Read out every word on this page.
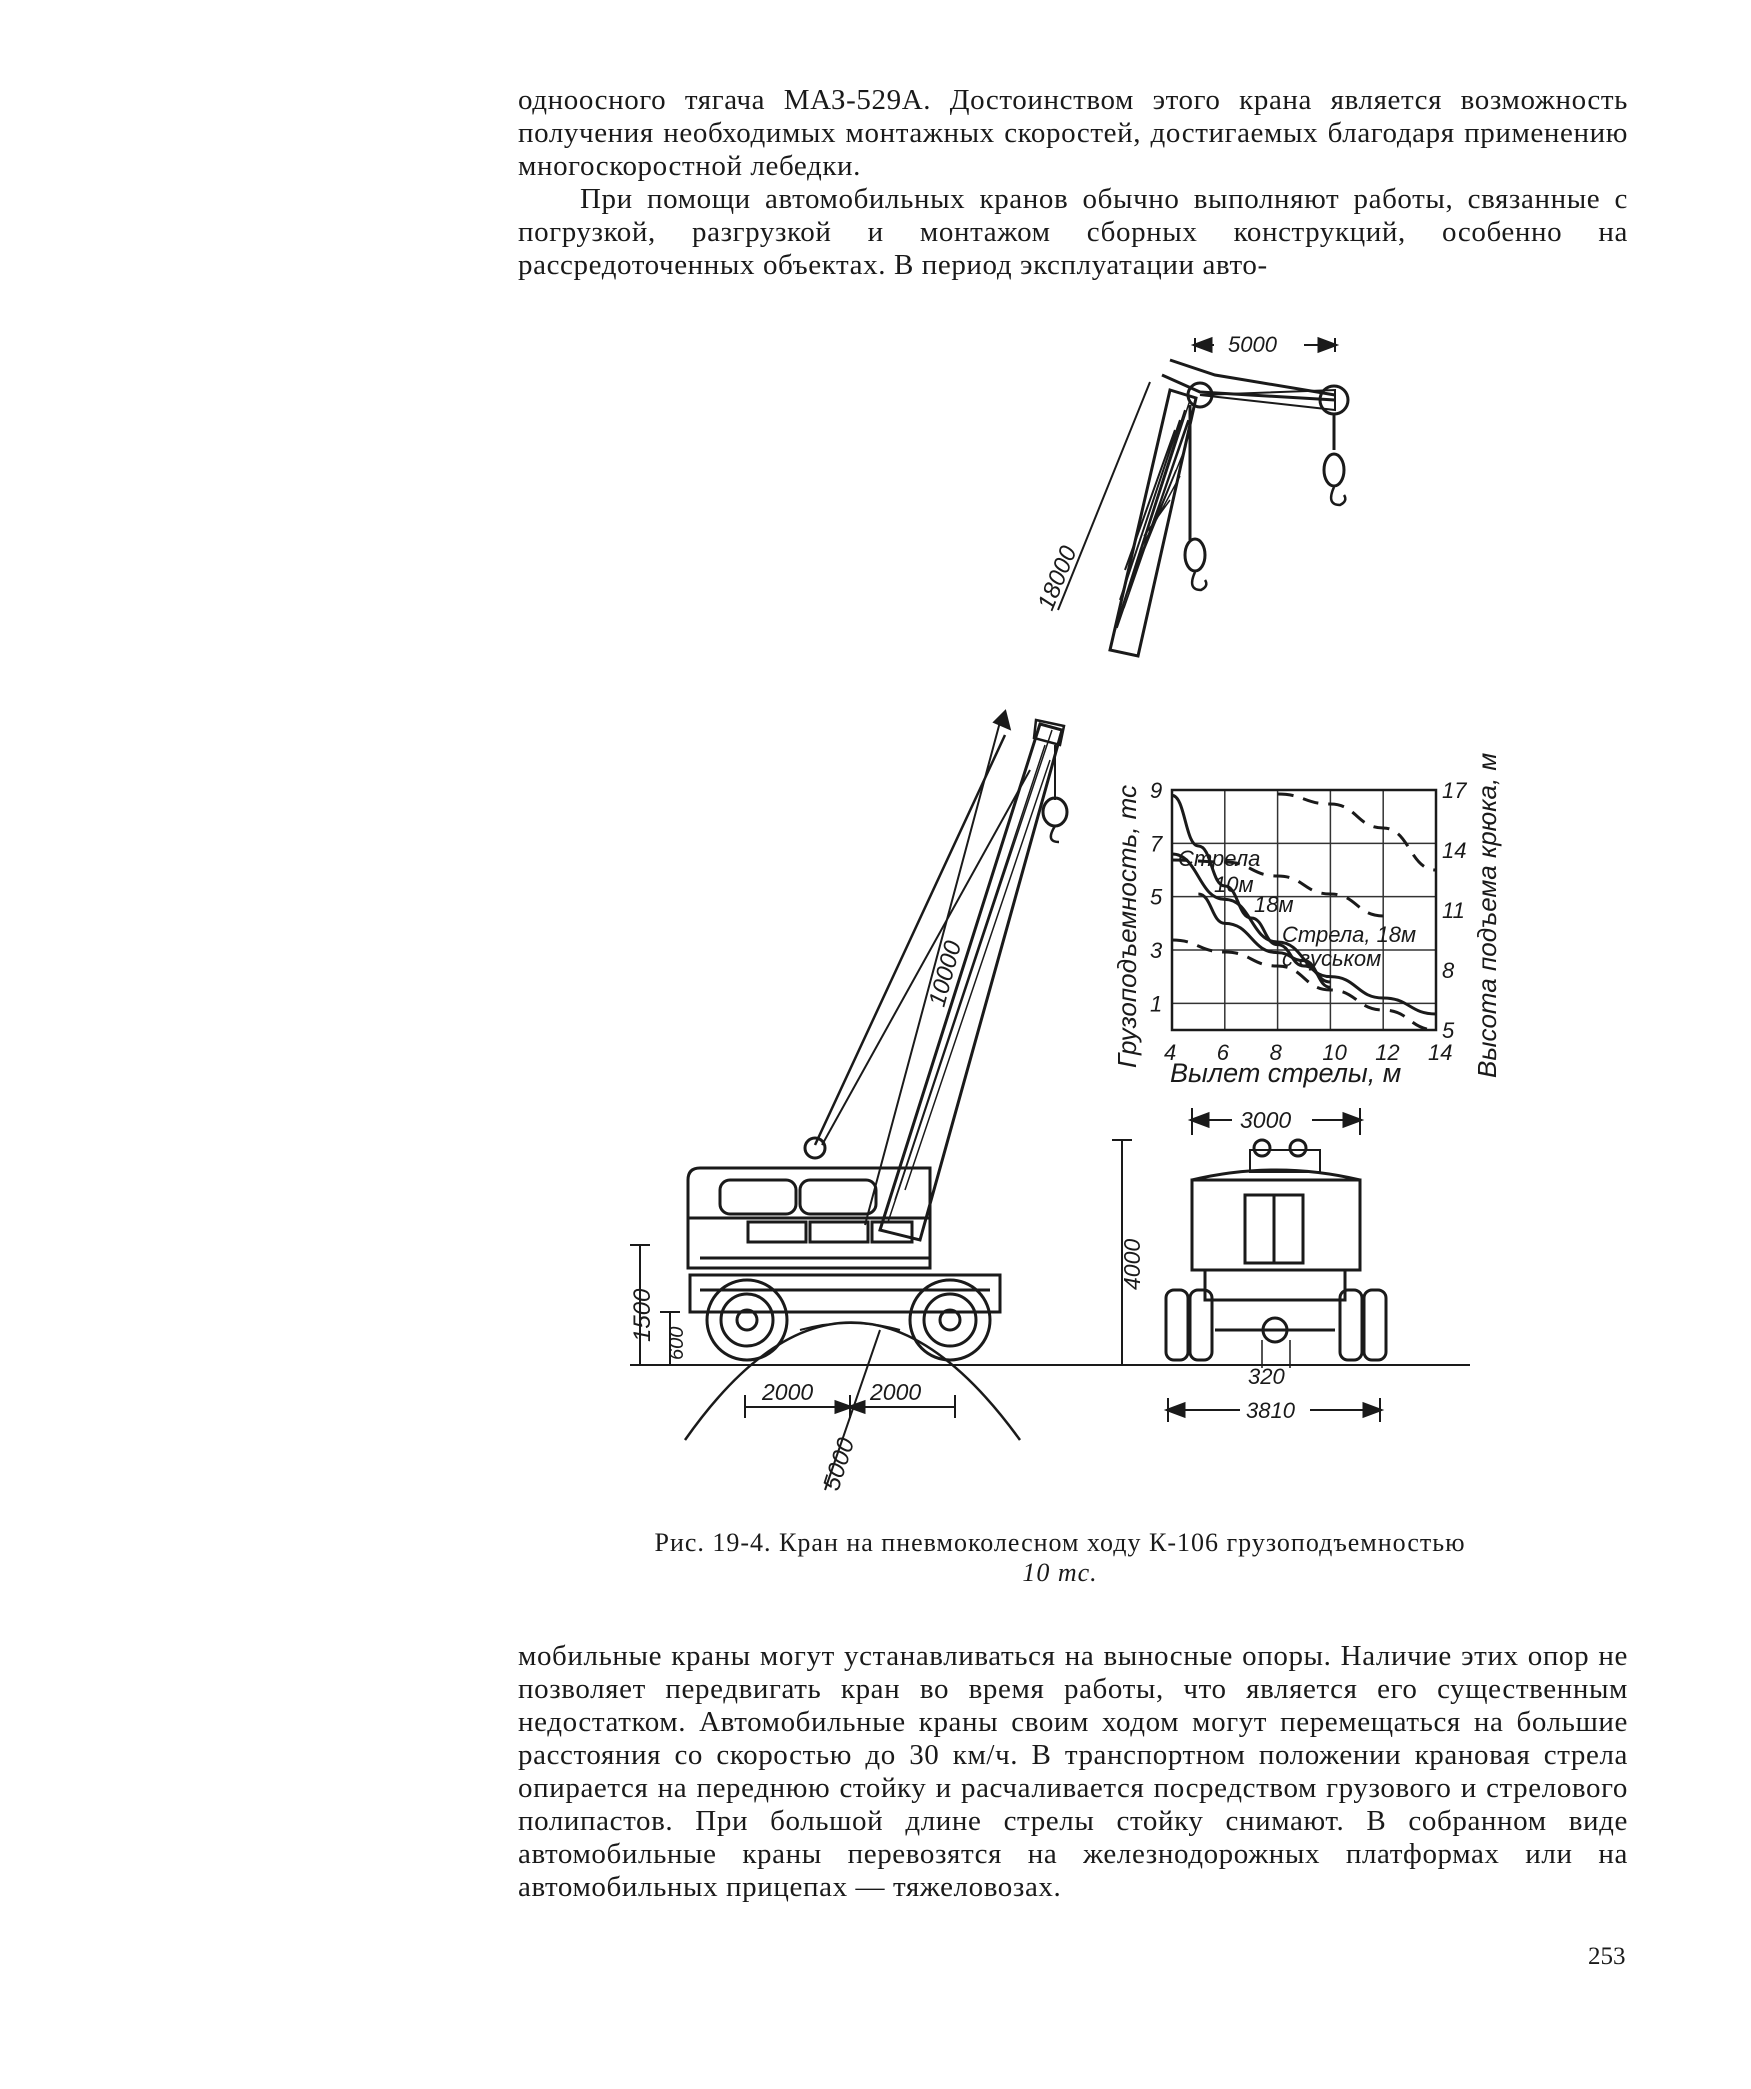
одноосного тягача МАЗ-529А. Достоинством этого крана является возможность получения необходимых монтажных скоростей, достигаемых благодаря применению многоскоростной лебедки.

При помощи автомобильных кранов обычно выполняют работы, связанные с погрузкой, разгрузкой и монтажом сборных конструкций, особенно на рассредоточенных объектах. В период эксплуатации авто-

5000
18000
10000
1500
600
2000 2000
5000
3000
4000
320
3810
4 6 8 10 12 14
1
3
5
7
9
5
8
11
14
17
Грузоподъемность, тс	Высота подъема крюка, м
Вылет стрелы, м
Стрела
10м
18м
Стрела, 18м
с гуськом
Рис. 19-4. Кран на пневмоколесном ходу К-106 грузоподъемностью
10 тс.

мобильные краны могут устанавливаться на выносные опоры. Наличие этих опор не позволяет передвигать кран во время работы, что является его существенным недостатком. Автомобильные краны своим ходом могут перемещаться на большие расстояния со скоростью до 30 км/ч. В транспортном положении крановая стрела опирается на переднюю стойку и расчаливается посредством грузового и стрелового полипастов. При большой длине стрелы стойку снимают. В собранном виде автомобильные краны перевозятся на железнодорожных платформах или на автомобильных прицепах — тяжеловозах.

253
